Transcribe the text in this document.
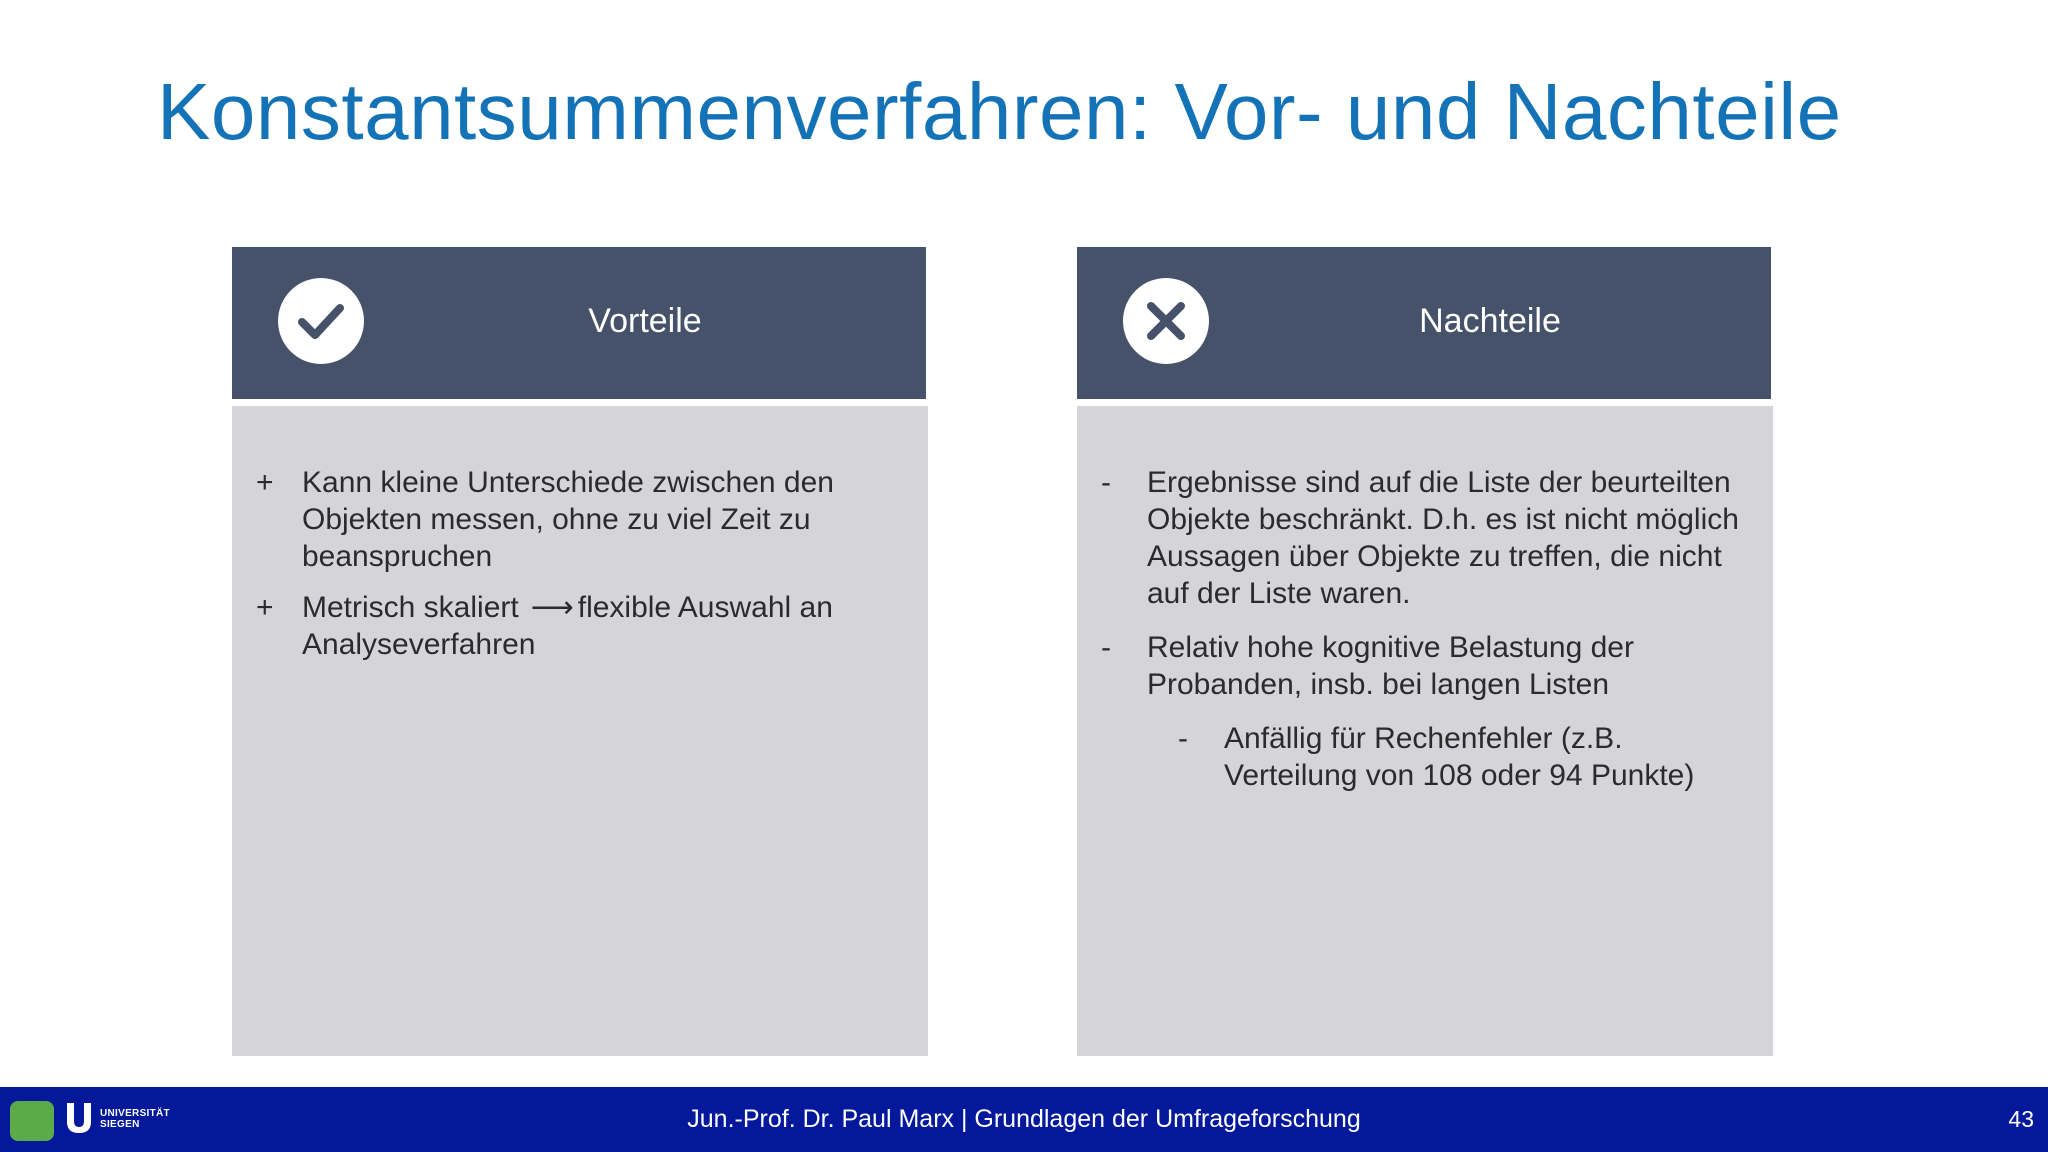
Konstantsummenverfahren: Vor- und Nachteile
Vorteile
+ Kann kleine Unterschiede zwischen den Objekten messen, ohne zu viel Zeit zu beanspruchen
+ Metrisch skaliert ⟶ flexible Auswahl an Analyseverfahren
Nachteile
-	Ergebnisse sind auf die Liste der beurteilten Objekte beschränkt. D.h. es ist nicht möglich Aussagen über Objekte zu treffen, die nicht auf der Liste waren.
-	Relativ hohe kognitive Belastung der Probanden, insb. bei langen Listen
-	Anfällig für Rechenfehler (z.B. Verteilung von 108 oder 94 Punkte)
UNIVERSITÄT
SIEGEN	Jun.-Prof. Dr. Paul Marx | Grundlagen der Umfrageforschung	43
